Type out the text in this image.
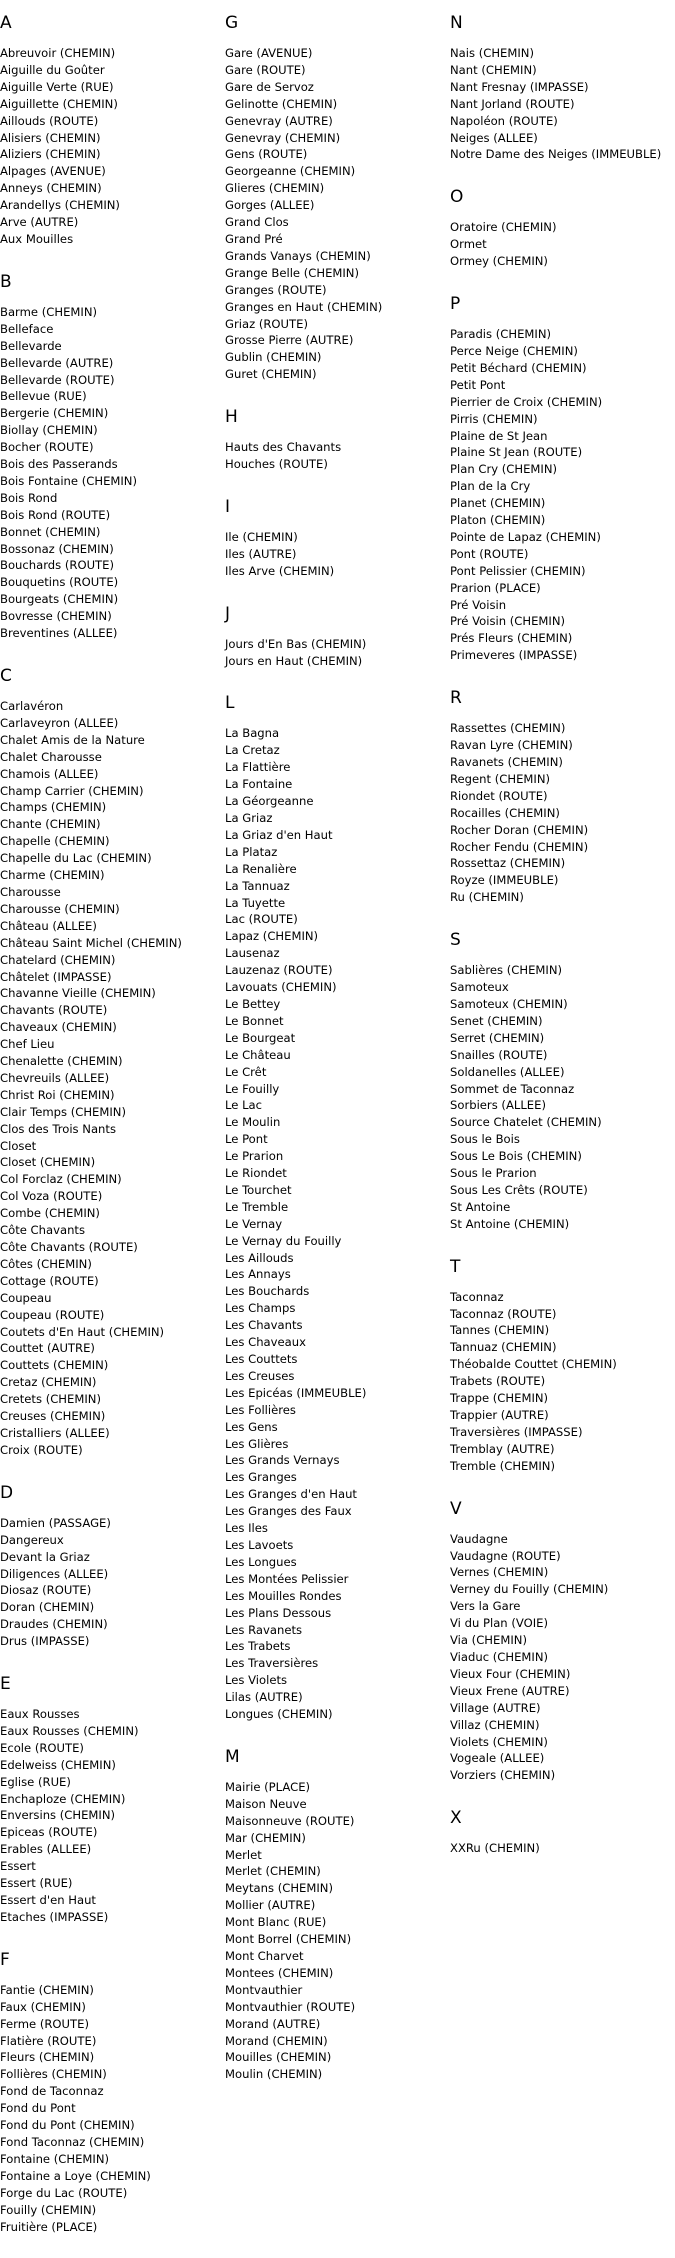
A
Abreuvoir (CHEMIN)
Aiguille du Goûter
Aiguille Verte (RUE)
Aiguillette (CHEMIN)
Aillouds (ROUTE)
Alisiers (CHEMIN)
Aliziers (CHEMIN)
Alpages (AVENUE)
Anneys (CHEMIN)
Arandellys (CHEMIN)
Arve (AUTRE)
Aux Mouilles
B
Barme (CHEMIN)
Belleface
Bellevarde
Bellevarde (AUTRE)
Bellevarde (ROUTE)
Bellevue (RUE)
Bergerie (CHEMIN)
Biollay (CHEMIN)
Bocher (ROUTE)
Bois des Passerands
Bois Fontaine (CHEMIN)
Bois Rond
Bois Rond (ROUTE)
Bonnet (CHEMIN)
Bossonaz (CHEMIN)
Bouchards (ROUTE)
Bouquetins (ROUTE)
Bourgeats (CHEMIN)
Bovresse (CHEMIN)
Breventines (ALLEE)
C
Carlavéron
Carlaveyron (ALLEE)
Chalet Amis de la Nature
Chalet Charousse
Chamois (ALLEE)
Champ Carrier (CHEMIN)
Champs (CHEMIN)
Chante (CHEMIN)
Chapelle (CHEMIN)
Chapelle du Lac (CHEMIN)
Charme (CHEMIN)
Charousse
Charousse (CHEMIN)
Château (ALLEE)
Château Saint Michel (CHEMIN)
Chatelard (CHEMIN)
Châtelet (IMPASSE)
Chavanne Vieille (CHEMIN)
Chavants (ROUTE)
Chaveaux (CHEMIN)
Chef Lieu
Chenalette (CHEMIN)
Chevreuils (ALLEE)
Christ Roi (CHEMIN)
Clair Temps (CHEMIN)
Clos des Trois Nants
Closet
Closet (CHEMIN)
Col Forclaz (CHEMIN)
Col Voza (ROUTE)
Combe (CHEMIN)
Côte Chavants
Côte Chavants (ROUTE)
Côtes (CHEMIN)
Cottage (ROUTE)
Coupeau
Coupeau (ROUTE)
Coutets d'En Haut (CHEMIN)
Couttet (AUTRE)
Couttets (CHEMIN)
Cretaz (CHEMIN)
Cretets (CHEMIN)
Creuses (CHEMIN)
Cristalliers (ALLEE)
Croix (ROUTE)
D
Damien (PASSAGE)
Dangereux
Devant la Griaz
Diligences (ALLEE)
Diosaz (ROUTE)
Doran (CHEMIN)
Draudes (CHEMIN)
Drus (IMPASSE)
E
Eaux Rousses
Eaux Rousses (CHEMIN)
Ecole (ROUTE)
Edelweiss (CHEMIN)
Eglise (RUE)
Enchaploze (CHEMIN)
Enversins (CHEMIN)
Epiceas (ROUTE)
Erables (ALLEE)
Essert
Essert (RUE)
Essert d'en Haut
Etaches (IMPASSE)
F
Fantie (CHEMIN)
Faux (CHEMIN)
Ferme (ROUTE)
Flatière (ROUTE)
Fleurs (CHEMIN)
Follières (CHEMIN)
Fond de Taconnaz
Fond du Pont
Fond du Pont (CHEMIN)
Fond Taconnaz (CHEMIN)
Fontaine (CHEMIN)
Fontaine a Loye (CHEMIN)
Forge du Lac (ROUTE)
Fouilly (CHEMIN)
Fruitière (PLACE)
G
Gare (AVENUE)
Gare (ROUTE)
Gare de Servoz
Gelinotte (CHEMIN)
Genevray (AUTRE)
Genevray (CHEMIN)
Gens (ROUTE)
Georgeanne (CHEMIN)
Glieres (CHEMIN)
Gorges (ALLEE)
Grand Clos
Grand Pré
Grands Vanays (CHEMIN)
Grange Belle (CHEMIN)
Granges (ROUTE)
Granges en Haut (CHEMIN)
Griaz (ROUTE)
Grosse Pierre (AUTRE)
Gublin (CHEMIN)
Guret (CHEMIN)
H
Hauts des Chavants
Houches (ROUTE)
I
Ile (CHEMIN)
Iles (AUTRE)
Iles Arve (CHEMIN)
J
Jours d'En Bas (CHEMIN)
Jours en Haut (CHEMIN)
L
La Bagna
La Cretaz
La Flattière
La Fontaine
La Géorgeanne
La Griaz
La Griaz d'en Haut
La Plataz
La Renalière
La Tannuaz
La Tuyette
Lac (ROUTE)
Lapaz (CHEMIN)
Lausenaz
Lauzenaz (ROUTE)
Lavouats (CHEMIN)
Le Bettey
Le Bonnet
Le Bourgeat
Le Château
Le Crêt
Le Fouilly
Le Lac
Le Moulin
Le Pont
Le Prarion
Le Riondet
Le Tourchet
Le Tremble
Le Vernay
Le Vernay du Fouilly
Les Aillouds
Les Annays
Les Bouchards
Les Champs
Les Chavants
Les Chaveaux
Les Couttets
Les Creuses
Les Epicéas (IMMEUBLE)
Les Follières
Les Gens
Les Glières
Les Grands Vernays
Les Granges
Les Granges d'en Haut
Les Granges des Faux
Les Iles
Les Lavoets
Les Longues
Les Montées Pelissier
Les Mouilles Rondes
Les Plans Dessous
Les Ravanets
Les Trabets
Les Traversières
Les Violets
Lilas (AUTRE)
Longues (CHEMIN)
M
Mairie (PLACE)
Maison Neuve
Maisonneuve (ROUTE)
Mar (CHEMIN)
Merlet
Merlet (CHEMIN)
Meytans (CHEMIN)
Mollier (AUTRE)
Mont Blanc (RUE)
Mont Borrel (CHEMIN)
Mont Charvet
Montees (CHEMIN)
Montvauthier
Montvauthier (ROUTE)
Morand (AUTRE)
Morand (CHEMIN)
Mouilles (CHEMIN)
Moulin (CHEMIN)
N
Nais (CHEMIN)
Nant (CHEMIN)
Nant Fresnay (IMPASSE)
Nant Jorland (ROUTE)
Napoléon (ROUTE)
Neiges (ALLEE)
Notre Dame des Neiges (IMMEUBLE)
O
Oratoire (CHEMIN)
Ormet
Ormey (CHEMIN)
P
Paradis (CHEMIN)
Perce Neige (CHEMIN)
Petit Béchard (CHEMIN)
Petit Pont
Pierrier de Croix (CHEMIN)
Pirris (CHEMIN)
Plaine de St Jean
Plaine St Jean (ROUTE)
Plan Cry (CHEMIN)
Plan de la Cry
Planet (CHEMIN)
Platon (CHEMIN)
Pointe de Lapaz (CHEMIN)
Pont (ROUTE)
Pont Pelissier (CHEMIN)
Prarion (PLACE)
Pré Voisin
Pré Voisin (CHEMIN)
Prés Fleurs (CHEMIN)
Primeveres (IMPASSE)
R
Rassettes (CHEMIN)
Ravan Lyre (CHEMIN)
Ravanets (CHEMIN)
Regent (CHEMIN)
Riondet (ROUTE)
Rocailles (CHEMIN)
Rocher Doran (CHEMIN)
Rocher Fendu (CHEMIN)
Rossettaz (CHEMIN)
Royze (IMMEUBLE)
Ru (CHEMIN)
S
Sablières (CHEMIN)
Samoteux
Samoteux (CHEMIN)
Senet (CHEMIN)
Serret (CHEMIN)
Snailles (ROUTE)
Soldanelles (ALLEE)
Sommet de Taconnaz
Sorbiers (ALLEE)
Source Chatelet (CHEMIN)
Sous le Bois
Sous Le Bois (CHEMIN)
Sous le Prarion
Sous Les Crêts (ROUTE)
St Antoine
St Antoine (CHEMIN)
T
Taconnaz
Taconnaz (ROUTE)
Tannes (CHEMIN)
Tannuaz (CHEMIN)
Théobalde Couttet (CHEMIN)
Trabets (ROUTE)
Trappe (CHEMIN)
Trappier (AUTRE)
Traversières (IMPASSE)
Tremblay (AUTRE)
Tremble (CHEMIN)
V
Vaudagne
Vaudagne (ROUTE)
Vernes (CHEMIN)
Verney du Fouilly (CHEMIN)
Vers la Gare
Vi du Plan (VOIE)
Via (CHEMIN)
Viaduc (CHEMIN)
Vieux Four (CHEMIN)
Vieux Frene (AUTRE)
Village (AUTRE)
Villaz (CHEMIN)
Violets (CHEMIN)
Vogeale (ALLEE)
Vorziers (CHEMIN)
X
XXRu (CHEMIN)
